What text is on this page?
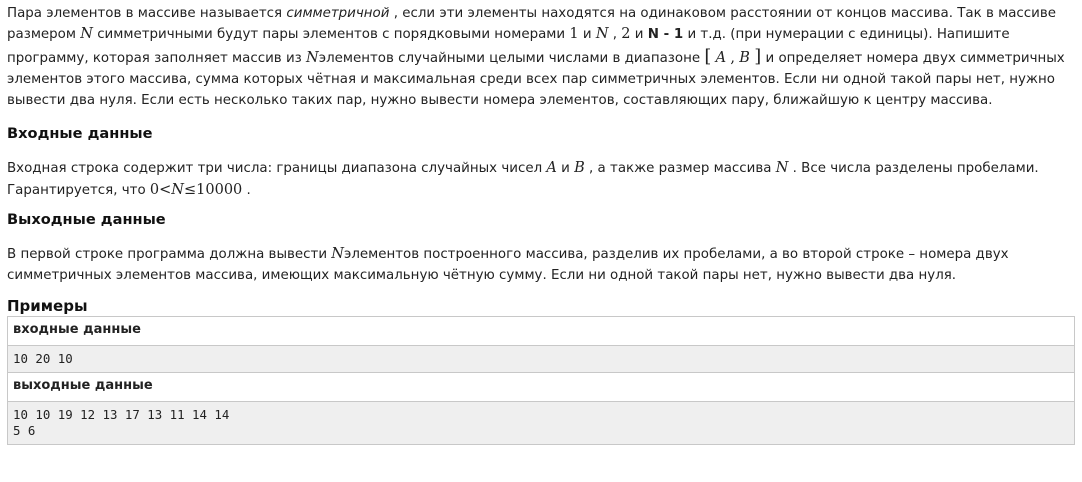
Пара элементов в массиве называется симметричной , если эти элементы находятся на одинаковом расстоянии от концов массива. Так в массиве размером N симметричными будут пары элементов с порядковыми номерами 1 и N , 2 и N - 1 и т.д. (при нумерации с единицы). Напишите программу, которая заполняет массив из Nэлементов случайными целыми числами в диапазоне [ A , B ] и определяет номера двух симметричных элементов этого массива, сумма которых чётная и максимальная среди всех пар симметричных элементов. Если ни одной такой пары нет, нужно вывести два нуля. Если есть несколько таких пар, нужно вывести номера элементов, составляющих пару, ближайшую к центру массива.

Входные данные

Входная строка содержит три числа: границы диапазона случайных чисел A и B , а также размер массива N . Все числа разделены пробелами. Гарантируется, что 0<N≤10000 .

Выходные данные

В первой строке программа должна вывести Nэлементов построенного массива, разделив их пробелами, а во второй строке – номера двух симметричных элементов массива, имеющих максимальную чётную сумму. Если ни одной такой пары нет, нужно вывести два нуля.

Примеры
входные данные
10 20 10
выходные данные

10 10 19 12 13 17 13 11 14 14
5 6
